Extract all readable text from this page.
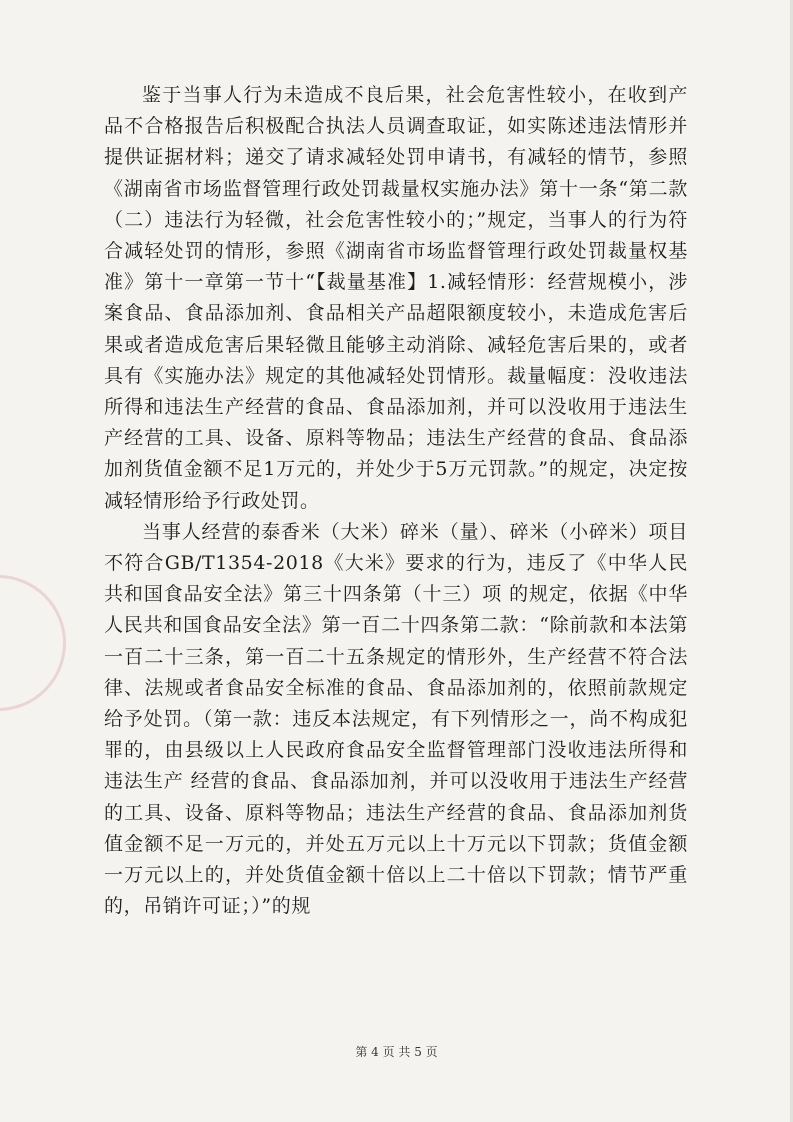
鉴于当事人行为未造成不良后果，社会危害性较小，在收到产品不合格报告后积极配合执法人员调查取证，如实陈述违法情形并提供证据材料；递交了请求减轻处罚申请书，有减轻的情节，参照《湖南省市场监督管理行政处罚裁量权实施办法》第十一条“第二款（二）违法行为轻微，社会危害性较小的；”规定，当事人的行为符合减轻处罚的情形，参照《湖南省市场监督管理行政处罚裁量权基准》第十一章第一节十“【裁量基准】1.减轻情形：经营规模小，涉案食品、食品添加剂、食品相关产品超限额度较小，未造成危害后果或者造成危害后果轻微且能够主动消除、减轻危害后果的，或者具有《实施办法》规定的其他减轻处罚情形。裁量幅度：没收违法所得和违法生产经营的食品、食品添加剂，并可以没收用于违法生产经营的工具、设备、原料等物品；违法生产经营的食品、食品添加剂货值金额不足1万元的，并处少于5万元罚款。”的规定，决定按减轻情形给予行政处罚。

当事人经营的泰香米（大米）碎米（量）、碎米（小碎米）项目不符合GB/T1354-2018《大米》要求的行为，违反了《中华人民共和国食品安全法》第三十四条第（十三）项 的规定，依据《中华人民共和国食品安全法》第一百二十四条第二款：“除前款和本法第一百二十三条，第一百二十五条规定的情形外，生产经营不符合法律、法规或者食品安全标准的食品、食品添加剂的，依照前款规定给予处罚。（第一款：违反本法规定，有下列情形之一，尚不构成犯罪的，由县级以上人民政府食品安全监督管理部门没收违法所得和违法生产 经营的食品、食品添加剂，并可以没收用于违法生产经营的工具、设备、原料等物品；违法生产经营的食品、食品添加剂货值金额不足一万元的，并处五万元以上十万元以下罚款；货值金额一万元以上的，并处货值金额十倍以上二十倍以下罚款；情节严重的，吊销许可证；）”的规

第 4 页 共 5 页
